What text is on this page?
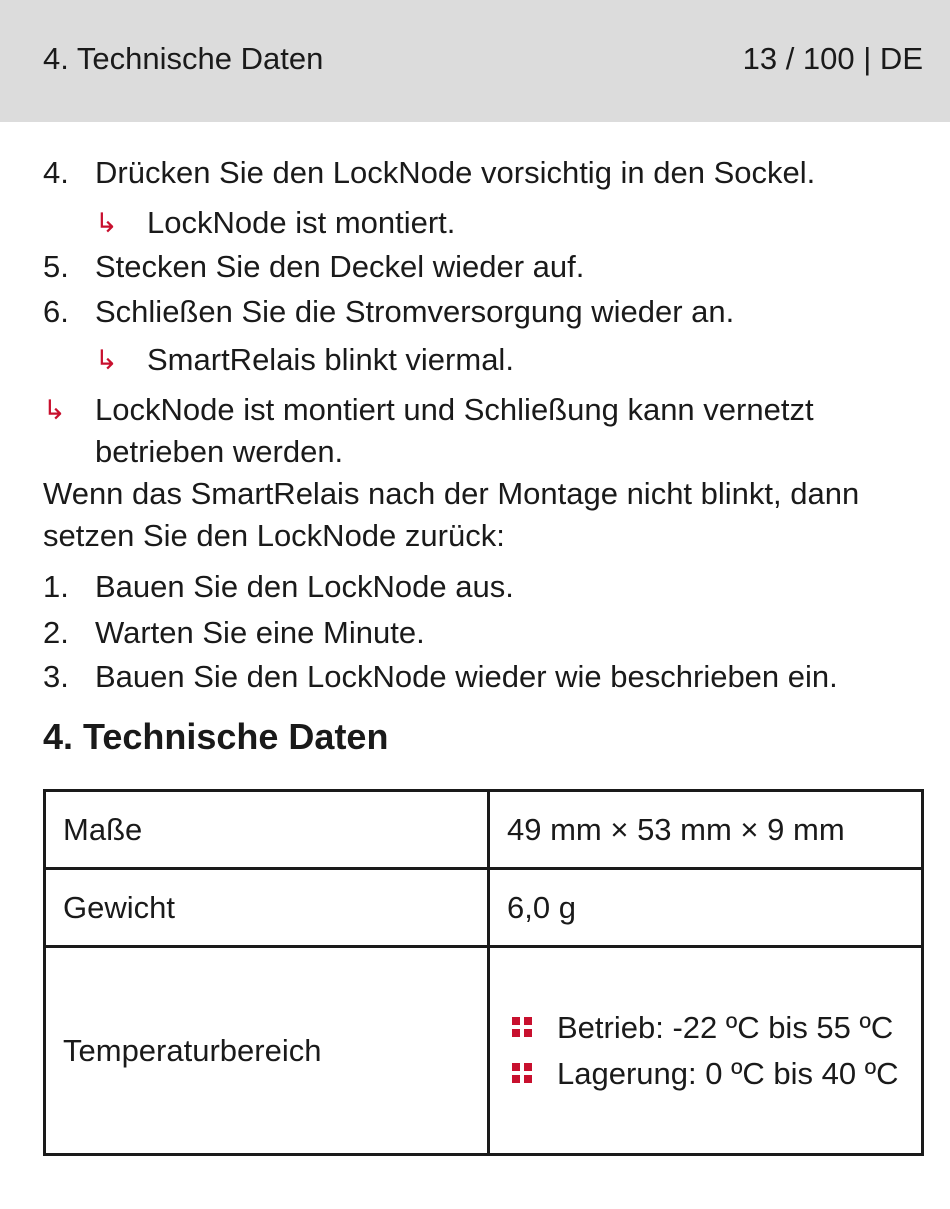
4. Technische Daten	13 / 100 | DE
4. Drücken Sie den LockNode vorsichtig in den Sockel.
↳ LockNode ist montiert.
5. Stecken Sie den Deckel wieder auf.
6. Schließen Sie die Stromversorgung wieder an.
↳ SmartRelais blinkt viermal.
↳ LockNode ist montiert und Schließung kann vernetzt betrieben werden.
Wenn das SmartRelais nach der Montage nicht blinkt, dann setzen Sie den LockNode zurück:
1. Bauen Sie den LockNode aus.
2. Warten Sie eine Minute.
3. Bauen Sie den LockNode wieder wie beschrieben ein.
4. Technische Daten
Maße	49 mm × 53 mm × 9 mm
Gewicht	6,0 g
Temperaturbereich	Betrieb: -22 ºC bis 55 ºC
Lagerung: 0 ºC bis 40 ºC
